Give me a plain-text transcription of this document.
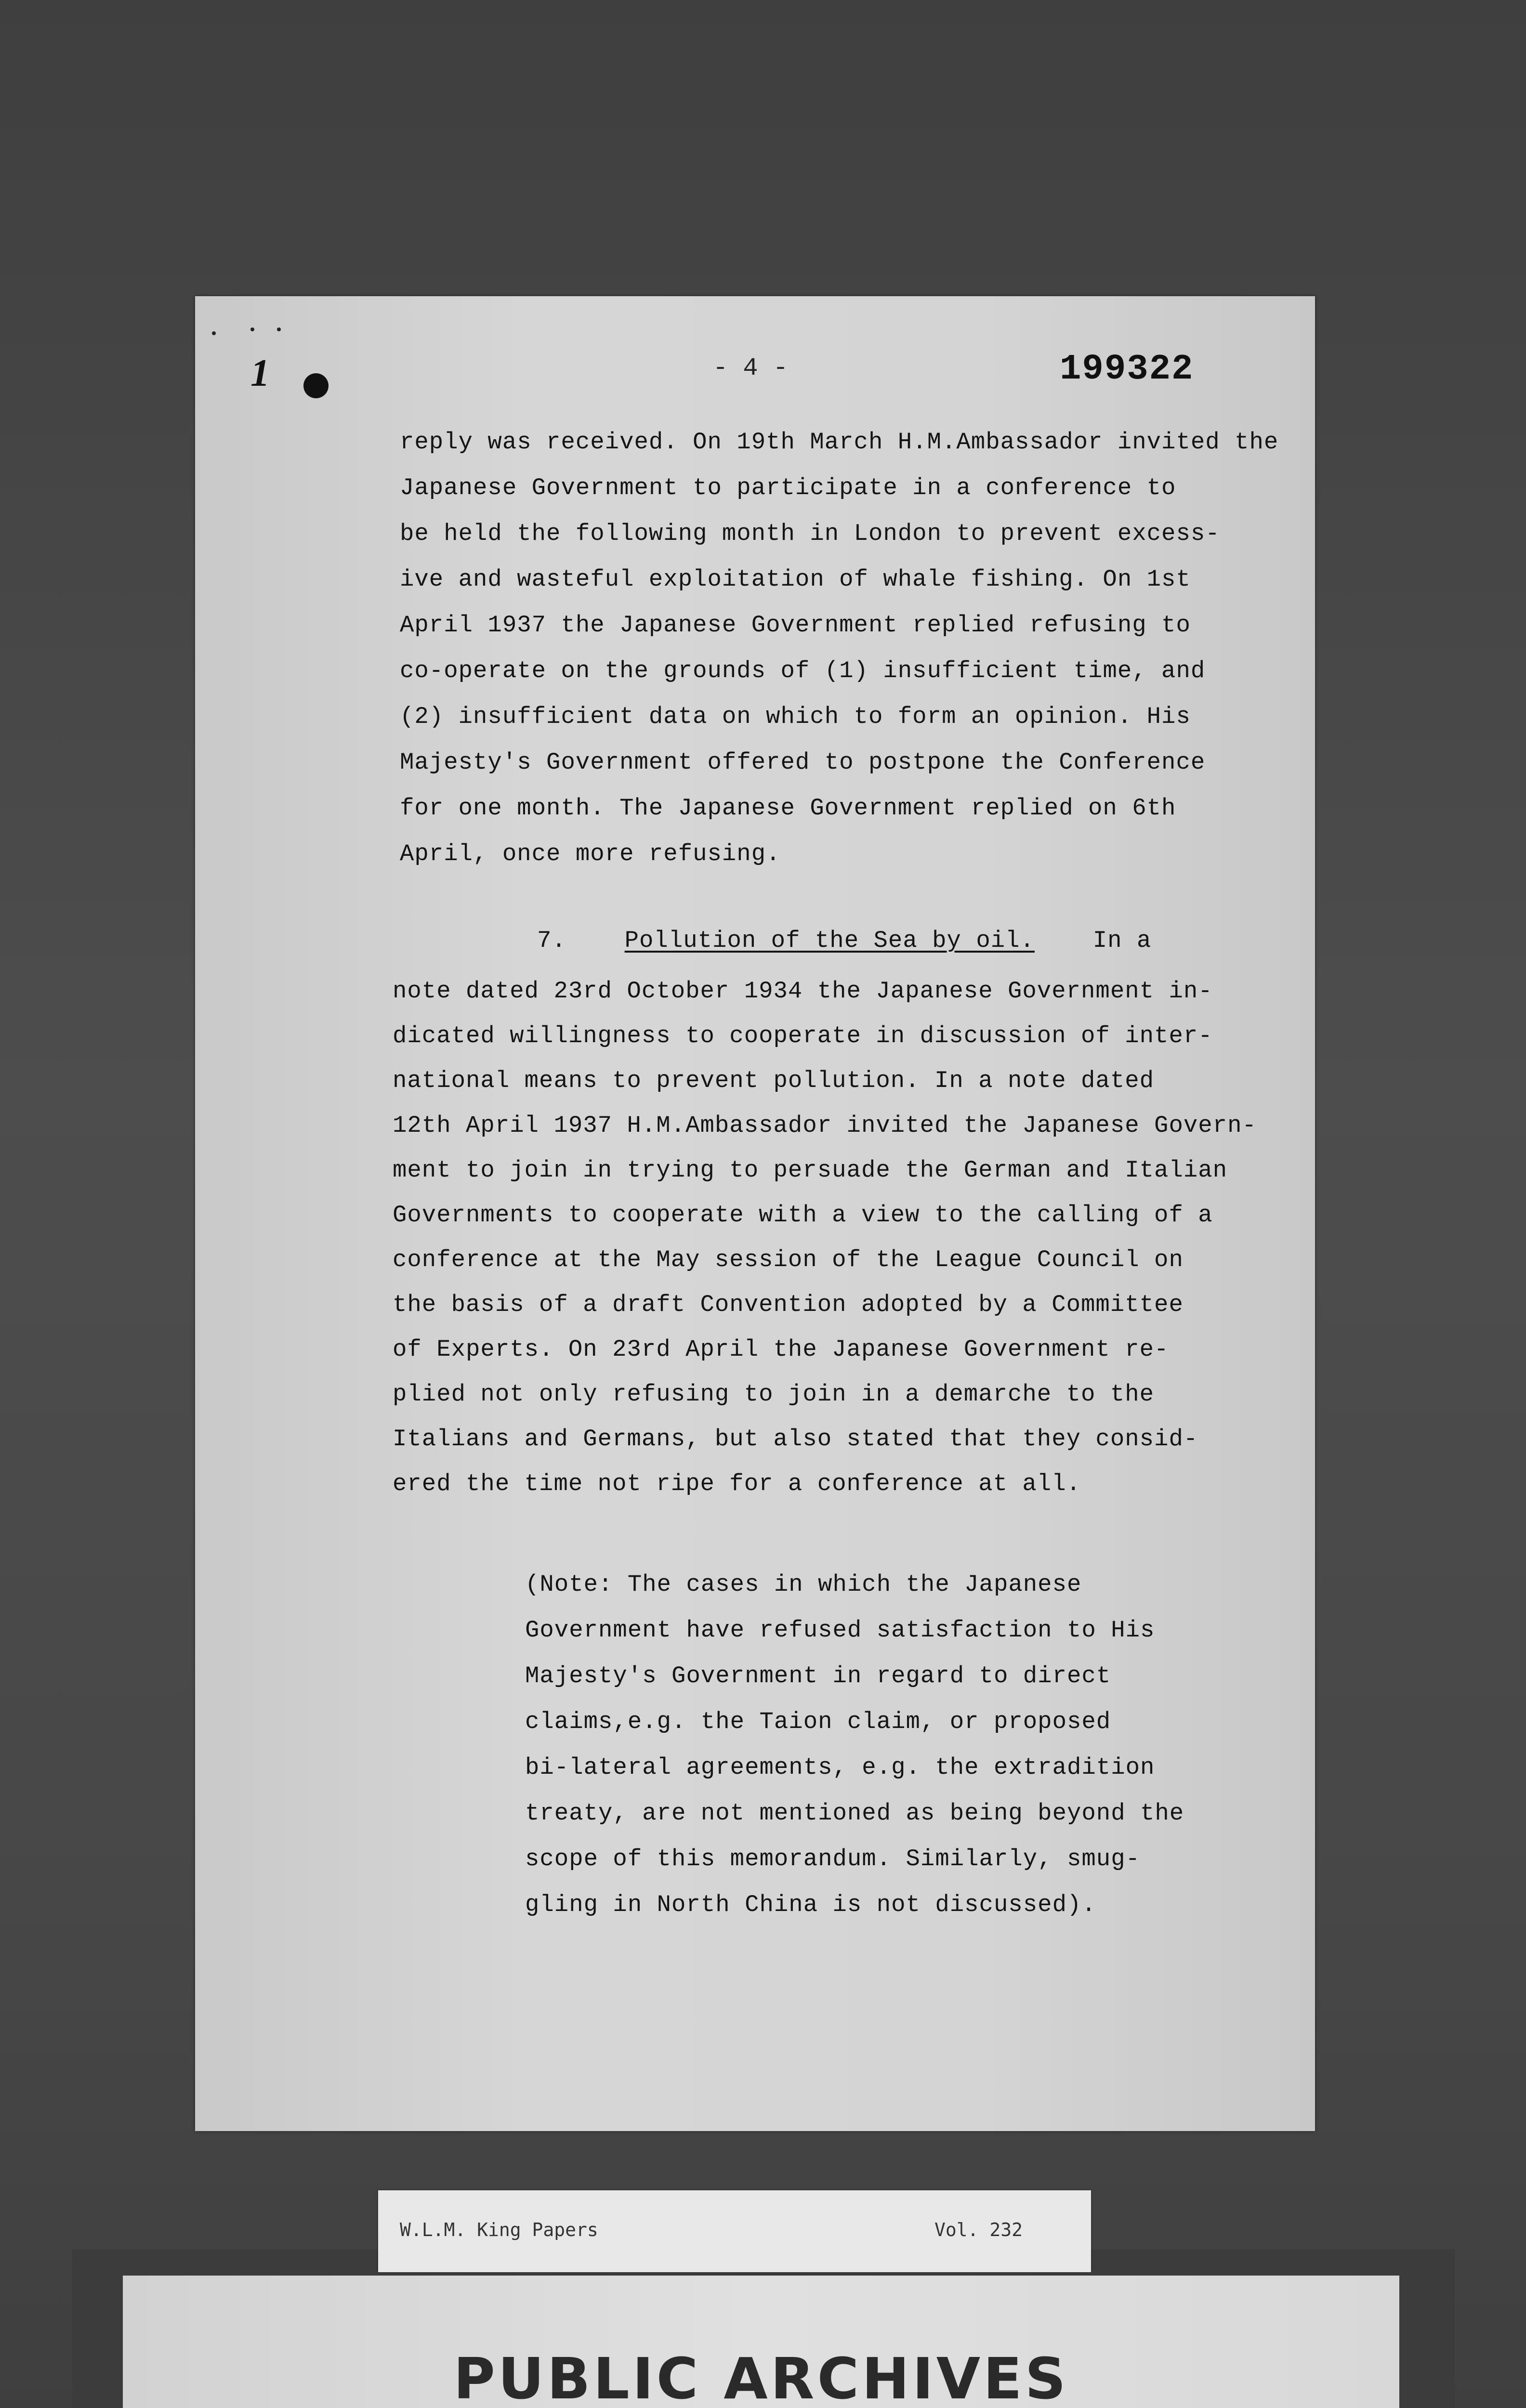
1	- 4 -	199322
reply was received. On 19th March H.M.Ambassador invited the
Japanese Government to participate in a conference to
be held the following month in London to prevent excess-
ive and wasteful exploitation of whale fishing. On 1st
April 1937 the Japanese Government replied refusing to
co-operate on the grounds of (1) insufficient time, and
(2) insufficient data on which to form an opinion. His
Majesty's Government offered to postpone the Conference
for one month. The Japanese Government replied on 6th
April, once more refusing.
7. Pollution of the Sea by oil. In a
note dated 23rd October 1934 the Japanese Government in-
dicated willingness to cooperate in discussion of inter-
national means to prevent pollution. In a note dated
12th April 1937 H.M.Ambassador invited the Japanese Govern-
ment to join in trying to persuade the German and Italian
Governments to cooperate with a view to the calling of a
conference at the May session of the League Council on
the basis of a draft Convention adopted by a Committee
of Experts. On 23rd April the Japanese Government re-
plied not only refusing to join in a demarche to the
Italians and Germans, but also stated that they consid-
ered the time not ripe for a conference at all.
(Note: The cases in which the Japanese
Government have refused satisfaction to His
Majesty's Government in regard to direct
claims,e.g. the Taion claim, or proposed
bi-lateral agreements, e.g. the extradition
treaty, are not mentioned as being beyond the
scope of this memorandum. Similarly, smug-
gling in North China is not discussed).
PUBLIC ARCHIVES
W.L.M. King Papers	Vol. 232
